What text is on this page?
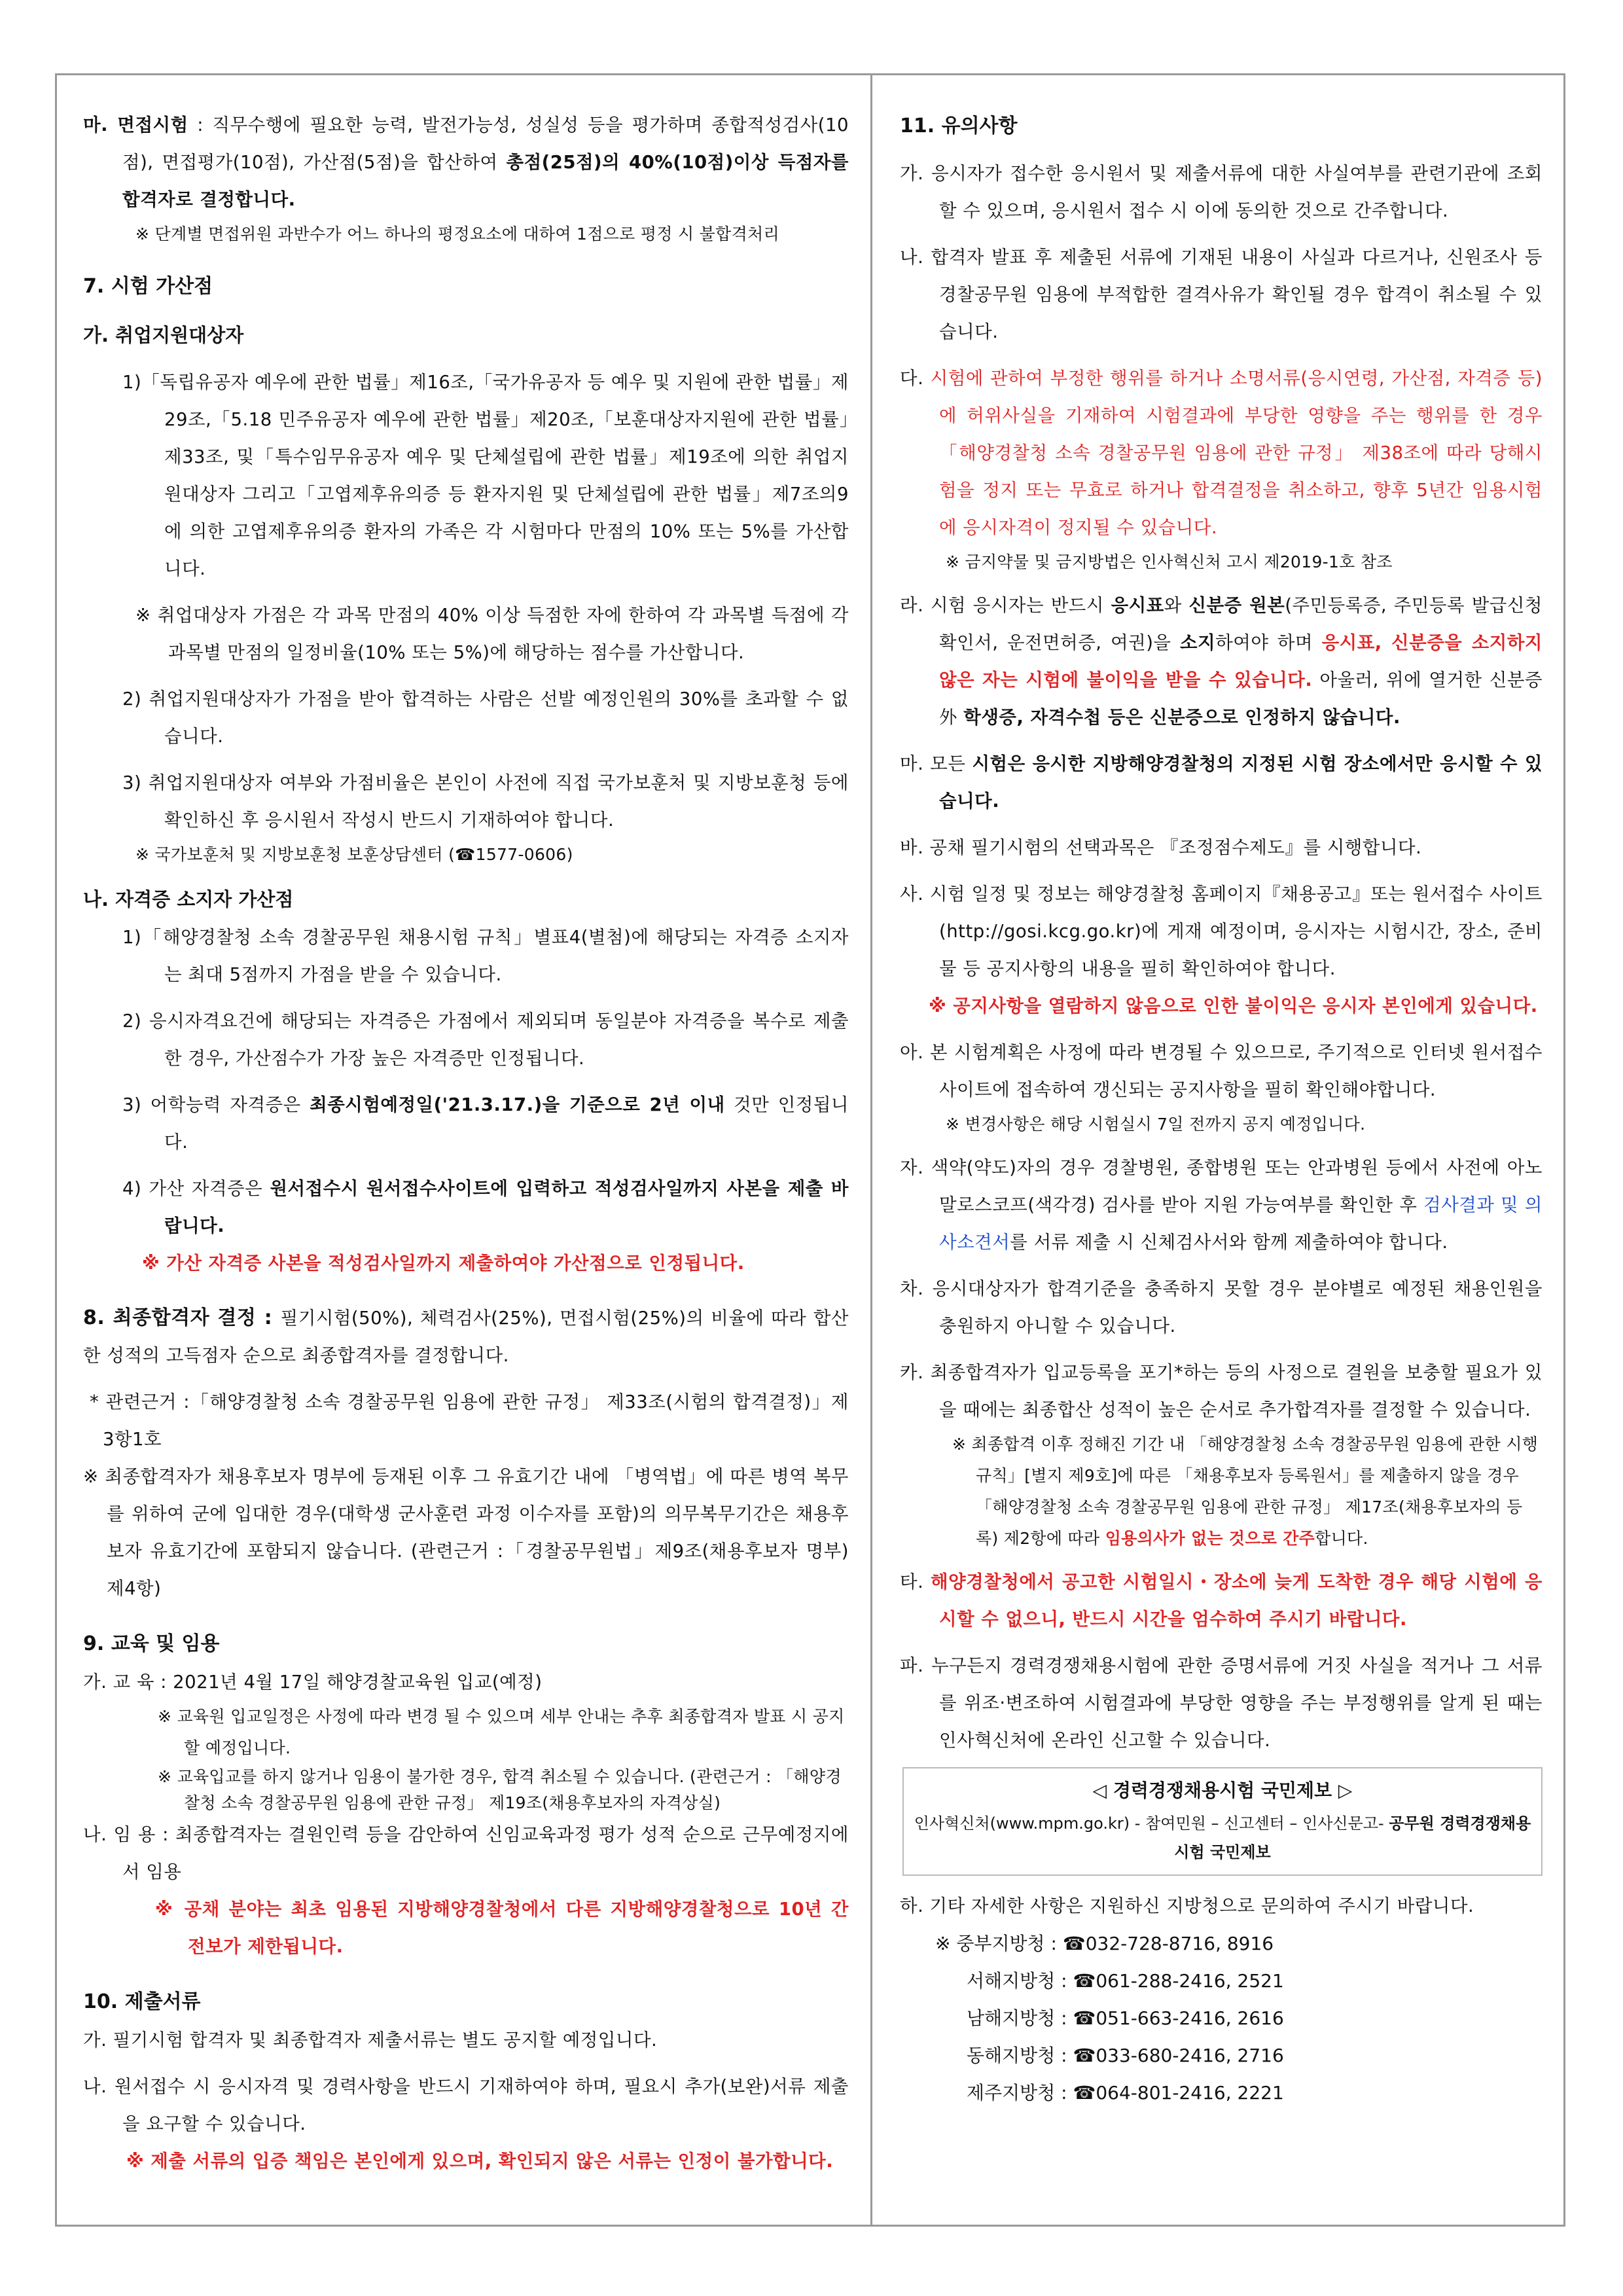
마. 면접시험 : 직무수행에 필요한 능력, 발전가능성, 성실성 등을 평가하며 종합적성검사(10점), 면접평가(10점), 가산점(5점)을 합산하여 총점(25점)의 40%(10점)이상 득점자를 합격자로 결정합니다.

※ 단계별 면접위원 과반수가 어느 하나의 평정요소에 대하여 1점으로 평정 시 불합격처리

7. 시험 가산점

가. 취업지원대상자

1)「독립유공자 예우에 관한 법률」제16조,「국가유공자 등 예우 및 지원에 관한 법률」제29조,「5.18 민주유공자 예우에 관한 법률」제20조,「보훈대상자지원에 관한 법률」제33조, 및「특수임무유공자 예우 및 단체설립에 관한 법률」제19조에 의한 취업지원대상자 그리고「고엽제후유의증 등 환자지원 및 단체설립에 관한 법률」제7조의9에 의한 고엽제후유의증 환자의 가족은 각 시험마다 만점의 10% 또는 5%를 가산합니다.

※ 취업대상자 가점은 각 과목 만점의 40% 이상 득점한 자에 한하여 각 과목별 득점에 각 과목별 만점의 일정비율(10% 또는 5%)에 해당하는 점수를 가산합니다.

2) 취업지원대상자가 가점을 받아 합격하는 사람은 선발 예정인원의 30%를 초과할 수 없습니다.

3) 취업지원대상자 여부와 가점비율은 본인이 사전에 직접 국가보훈처 및 지방보훈청 등에 확인하신 후 응시원서 작성시 반드시 기재하여야 합니다.

※ 국가보훈처 및 지방보훈청 보훈상담센터 (☎1577-0606)

나. 자격증 소지자 가산점

1)「해양경찰청 소속 경찰공무원 채용시험 규칙」별표4(별첨)에 해당되는 자격증 소지자는 최대 5점까지 가점을 받을 수 있습니다.

2) 응시자격요건에 해당되는 자격증은 가점에서 제외되며 동일분야 자격증을 복수로 제출한 경우, 가산점수가 가장 높은 자격증만 인정됩니다.

3) 어학능력 자격증은 최종시험예정일('21.3.17.)을 기준으로 2년 이내 것만 인정됩니다.

4) 가산 자격증은 원서접수시 원서접수사이트에 입력하고 적성검사일까지 사본을 제출 바랍니다.

※ 가산 자격증 사본을 적성검사일까지 제출하여야 가산점으로 인정됩니다.

8. 최종합격자 결정 : 필기시험(50%), 체력검사(25%), 면접시험(25%)의 비율에 따라 합산한 성적의 고득점자 순으로 최종합격자를 결정합니다.

* 관련근거 :「해양경찰청 소속 경찰공무원 임용에 관한 규정」 제33조(시험의 합격결정)」제3항1호

※ 최종합격자가 채용후보자 명부에 등재된 이후 그 유효기간 내에 「병역법」에 따른 병역 복무를 위하여 군에 입대한 경우(대학생 군사훈련 과정 이수자를 포함)의 의무복무기간은 채용후보자 유효기간에 포함되지 않습니다. (관련근거 :「경찰공무원법」제9조(채용후보자 명부) 제4항)

9. 교육 및 임용

가. 교 육 : 2021년 4월 17일 해양경찰교육원 입교(예정)

※ 교육원 입교일정은 사정에 따라 변경 될 수 있으며 세부 안내는 추후 최종합격자 발표 시 공지할 예정입니다.

※ 교육입교를 하지 않거나 임용이 불가한 경우, 합격 취소될 수 있습니다. (관련근거 : 「해양경찰청 소속 경찰공무원 임용에 관한 규정」 제19조(채용후보자의 자격상실)

나. 임 용 : 최종합격자는 결원인력 등을 감안하여 신임교육과정 평가 성적 순으로 근무예정지에서 임용

※ 공채 분야는 최초 임용된 지방해양경찰청에서 다른 지방해양경찰청으로 10년 간 전보가 제한됩니다.

10. 제출서류

가. 필기시험 합격자 및 최종합격자 제출서류는 별도 공지할 예정입니다.

나. 원서접수 시 응시자격 및 경력사항을 반드시 기재하여야 하며, 필요시 추가(보완)서류 제출을 요구할 수 있습니다.

※ 제출 서류의 입증 책임은 본인에게 있으며, 확인되지 않은 서류는 인정이 불가합니다.

11. 유의사항

가. 응시자가 접수한 응시원서 및 제출서류에 대한 사실여부를 관련기관에 조회할 수 있으며, 응시원서 접수 시 이에 동의한 것으로 간주합니다.

나. 합격자 발표 후 제출된 서류에 기재된 내용이 사실과 다르거나, 신원조사 등 경찰공무원 임용에 부적합한 결격사유가 확인될 경우 합격이 취소될 수 있습니다.

다. 시험에 관하여 부정한 행위를 하거나 소명서류(응시연령, 가산점, 자격증 등)에 허위사실을 기재하여 시험결과에 부당한 영향을 주는 행위를 한 경우「해양경찰청 소속 경찰공무원 임용에 관한 규정」 제38조에 따라 당해시험을 정지 또는 무효로 하거나 합격결정을 취소하고, 향후 5년간 임용시험에 응시자격이 정지될 수 있습니다.

※ 금지약물 및 금지방법은 인사혁신처 고시 제2019-1호 참조

라. 시험 응시자는 반드시 응시표와 신분증 원본(주민등록증, 주민등록 발급신청 확인서, 운전면허증, 여권)을 소지하여야 하며 응시표, 신분증을 소지하지 않은 자는 시험에 불이익을 받을 수 있습니다. 아울러, 위에 열거한 신분증 外 학생증, 자격수첩 등은 신분증으로 인정하지 않습니다.

마. 모든 시험은 응시한 지방해양경찰청의 지정된 시험 장소에서만 응시할 수 있습니다.

바. 공채 필기시험의 선택과목은 『조정점수제도』를 시행합니다.

사. 시험 일정 및 정보는 해양경찰청 홈페이지『채용공고』또는 원서접수 사이트(http://gosi.kcg.go.kr)에 게재 예정이며, 응시자는 시험시간, 장소, 준비물 등 공지사항의 내용을 필히 확인하여야 합니다.

※ 공지사항을 열람하지 않음으로 인한 불이익은 응시자 본인에게 있습니다.

아. 본 시험계획은 사정에 따라 변경될 수 있으므로, 주기적으로 인터넷 원서접수사이트에 접속하여 갱신되는 공지사항을 필히 확인해야합니다.

※ 변경사항은 해당 시험실시 7일 전까지 공지 예정입니다.

자. 색약(약도)자의 경우 경찰병원, 종합병원 또는 안과병원 등에서 사전에 아노말로스코프(색각경) 검사를 받아 지원 가능여부를 확인한 후 검사결과 및 의사소견서를 서류 제출 시 신체검사서와 함께 제출하여야 합니다.

차. 응시대상자가 합격기준을 충족하지 못할 경우 분야별로 예정된 채용인원을 충원하지 아니할 수 있습니다.

카. 최종합격자가 입교등록을 포기*하는 등의 사정으로 결원을 보충할 필요가 있을 때에는 최종합산 성적이 높은 순서로 추가합격자를 결정할 수 있습니다.

※ 최종합격 이후 정해진 기간 내 「해양경찰청 소속 경찰공무원 임용에 관한 시행규칙」[별지 제9호]에 따른 「채용후보자 등록원서」를 제출하지 않을 경우「해양경찰청 소속 경찰공무원 임용에 관한 규정」 제17조(채용후보자의 등록) 제2항에 따라 임용의사가 없는 것으로 간주합니다.

타. 해양경찰청에서 공고한 시험일시・장소에 늦게 도착한 경우 해당 시험에 응시할 수 없으니, 반드시 시간을 엄수하여 주시기 바랍니다.

파. 누구든지 경력경쟁채용시험에 관한 증명서류에 거짓 사실을 적거나 그 서류를 위조·변조하여 시험결과에 부당한 영향을 주는 부정행위를 알게 된 때는 인사혁신처에 온라인 신고할 수 있습니다.

◁ 경력경쟁채용시험 국민제보 ▷
인사혁신처(www.mpm.go.kr) - 참여민원 – 신고센터 – 인사신문고- 공무원 경력경쟁채용시험 국민제보

하. 기타 자세한 사항은 지원하신 지방청으로 문의하여 주시기 바랍니다.

※ 중부지방청 : ☎032-728-8716, 8916
서해지방청 : ☎061-288-2416, 2521
남해지방청 : ☎051-663-2416, 2616
동해지방청 : ☎033-680-2416, 2716
제주지방청 : ☎064-801-2416, 2221
